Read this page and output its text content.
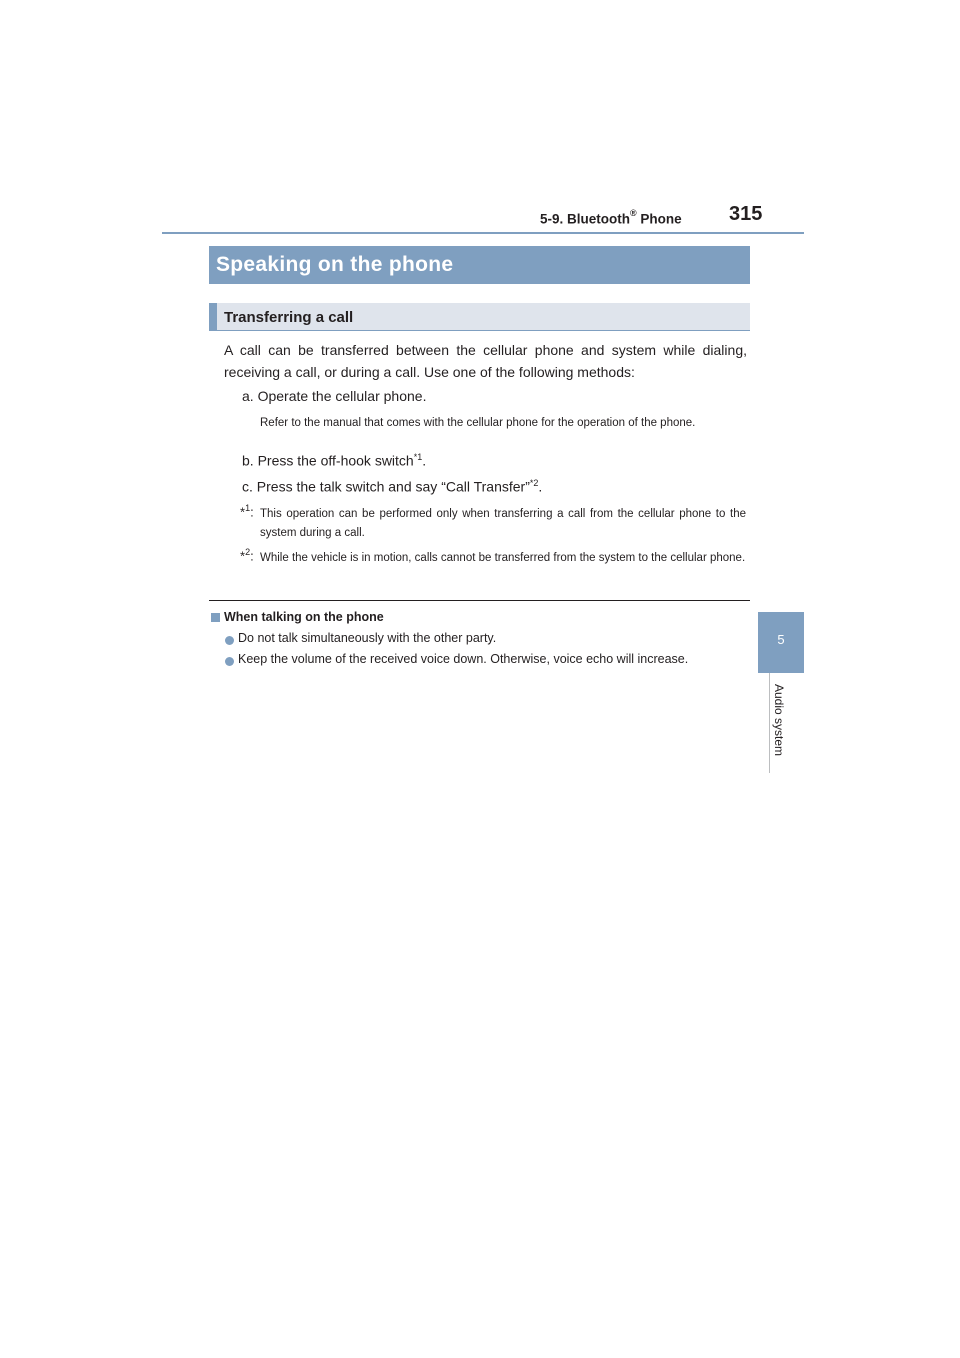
5-9. Bluetooth® Phone 315
5
Audio system
Speaking on the phone
Transferring a call
A call can be transferred between the cellular phone and system while dialing, receiving a call, or during a call. Use one of the following methods:
a. Operate the cellular phone.
Refer to the manual that comes with the cellular phone for the operation of the phone.
b. Press the off-hook switch$^{*1}$.
c. Press the talk switch and say “Call Transfer”$^{*2}$.
*$^1$: This operation can be performed only when transferring a call from the cellular phone to the system during a call.
*$^2$: While the vehicle is in motion, calls cannot be transferred from the system to the cellular phone.
When talking on the phone
Do not talk simultaneously with the other party.
Keep the volume of the received voice down. Otherwise, voice echo will increase.
